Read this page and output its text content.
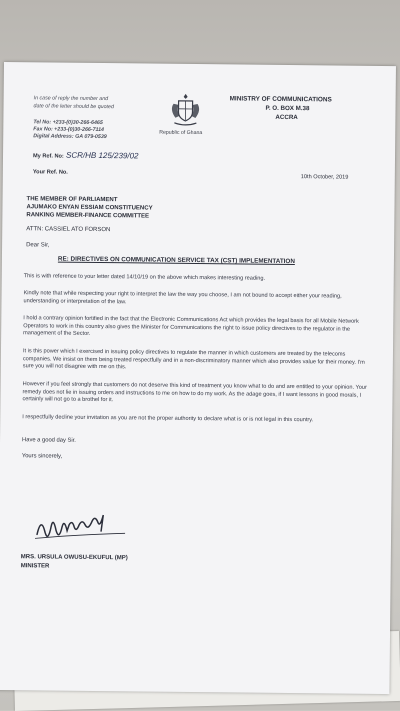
In case of reply the number and
date of the letter should be quoted
Tel No: +233-(0)30-266-6465
Fax No: +233-(0)30-266-7114
Digital Address: GA 079-0539
Republic of Ghana
MINISTRY OF COMMUNICATIONS
P. O. BOX M.38
ACCRA
My Ref. No: SCR/HB 125/239/02
Your Ref. No.
10th October, 2019
THE MEMBER OF PARLIAMENT
AJUMAKO ENYAN ESSIAM CONSTITUENCY
RANKING MEMBER-FINANCE COMMITTEE
ATTN: CASSIEL ATO FORSON
Dear Sir,
RE: DIRECTIVES ON COMMUNICATION SERVICE TAX (CST) IMPLEMENTATION
This is with reference to your letter dated 14/10/19 on the above which makes interesting reading.
Kindly note that while respecting your right to interpret the law the way you choose, I am not bound to accept either your reading, understanding or interpretation of the law.
I hold a contrary opinion fortified in the fact that the Electronic Communications Act which provides the legal basis for all Mobile Network Operators to work in this country also gives the Minister for Communications the right to issue policy directives to the regulator in the management of the Sector.
It is this power which I exercised in issuing policy directives to regulate the manner in which customers are treated by the telecoms companies. We insist on them being treated respectfully and in a non-discriminatory manner which also provides value for their money. I'm sure you will not disagree with me on this.
However if you feel strongly that customers do not deserve this kind of treatment you know what to do and are entitled to your opinion. Your remedy does not lie in issuing orders and instructions to me on how to do my work. As the adage goes, if I want lessons in good morals, I certainly will not go to a brothel for it.
I respectfully decline your invitation as you are not the proper authority to declare what is or is not legal in this country.
Have a good day Sir.
Yours sincerely,
MRS. URSULA OWUSU-EKUFUL (MP)
MINISTER
